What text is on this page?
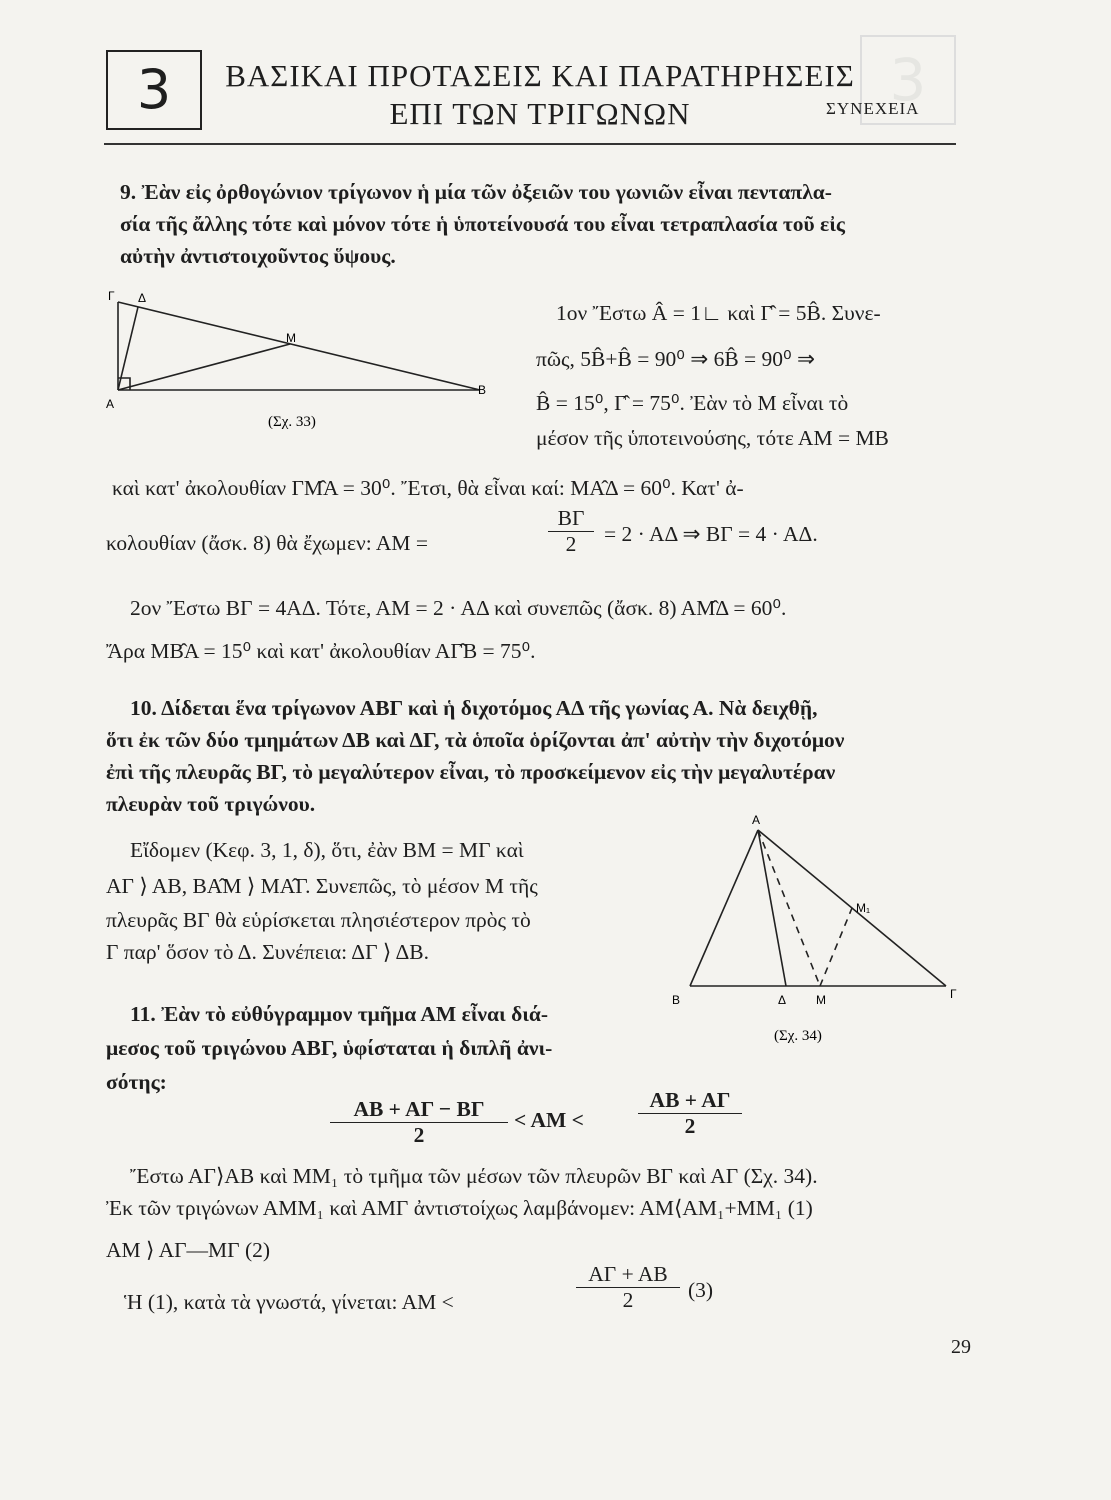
3
3	ΒΑΣΙΚΑΙ ΠΡΟΤΑΣΕΙΣ ΚΑΙ ΠΑΡΑΤΗΡΗΣΕΙΣ
ΕΠΙ ΤΩΝ ΤΡΙΓΩΝΩΝ	ΣΥΝΕΧΕΙΑ
9. Ἐὰν εἰς ὀρθογώνιον τρίγωνον ἡ μία τῶν ὀξειῶν του γωνιῶν εἶναι πενταπλα-
σία τῆς ἄλλης τότε καὶ μόνον τότε ἡ ὑποτείνουσά του εἶναι τετραπλασία τοῦ εἰς
αὐτὴν ἀντιστοιχοῦντος ὕψους.
Γ Δ
Μ
Α
Β
(Σχ. 33)
1ον Ἔστω Â = 1∟ καὶ Γ̂ = 5B̂. Συνε-
πῶς, 5B̂+B̂ = 90⁰ ⇒ 6B̂ = 90⁰ ⇒
B̂ = 15⁰, Γ̂ = 75⁰. Ἐὰν τὸ Μ εἶναι τὸ
μέσον τῆς ὑποτεινούσης, τότε ΑΜ = ΜΒ
καὶ κατ' ἀκολουθίαν ΓΜ̂Α = 30⁰. Ἔτσι, θὰ εἶναι καί: ΜΑ̂Δ = 60⁰. Κατ' ἀ-
κολουθίαν (ἄσκ. 8) θὰ ἔχωμεν: ΑΜ =
ΒΓ
2	= 2 · ΑΔ ⇒ ΒΓ = 4 · ΑΔ.
2ον Ἔστω ΒΓ = 4ΑΔ. Τότε, ΑΜ = 2 · ΑΔ καὶ συνεπῶς (ἄσκ. 8) ΑΜ̂Δ = 60⁰.
Ἄρα ΜΒ̂Α = 15⁰ καὶ κατ' ἀκολουθίαν ΑΓ̂Β = 75⁰.
10. Δίδεται ἕνα τρίγωνον ΑΒΓ καὶ ἡ διχοτόμος ΑΔ τῆς γωνίας Α. Νὰ δειχθῇ,
ὅτι ἐκ τῶν δύο τμημάτων ΔΒ καὶ ΔΓ, τὰ ὁποῖα ὁρίζονται ἀπ' αὐτὴν τὴν διχοτόμον
ἐπὶ τῆς πλευρᾶς ΒΓ, τὸ μεγαλύτερον εἶναι, τὸ προσκείμενον εἰς τὴν μεγαλυτέραν
πλευρὰν τοῦ τριγώνου.
Εἴδομεν (Κεφ. 3, 1, δ), ὅτι, ἐὰν ΒΜ = ΜΓ καὶ
ΑΓ ⟩ ΑΒ, ΒΑ̂Μ ⟩ ΜΑ̂Γ. Συνεπῶς, τὸ μέσον Μ τῆς
πλευρᾶς ΒΓ θὰ εὑρίσκεται πλησιέστερον πρὸς τὸ
Γ παρ' ὅσον τὸ Δ. Συνέπεια: ΔΓ ⟩ ΔΒ.
Α
Μ₁
Β	Δ Μ	Γ
(Σχ. 34)
11. Ἐὰν τὸ εὐθύγραμμον τμῆμα ΑΜ εἶναι διά-
μεσος τοῦ τριγώνου ΑΒΓ, ὑφίσταται ἡ διπλῆ ἀνι-
σότης:
ΑΒ + ΑΓ − ΒΓ
2
< ΑΜ <
ΑΒ + ΑΓ
2
Ἔστω ΑΓ⟩ΑΒ καὶ ΜΜ₁ τὸ τμῆμα τῶν μέσων τῶν πλευρῶν ΒΓ καὶ ΑΓ (Σχ. 34).
Ἐκ τῶν τριγώνων ΑΜΜ₁ καὶ ΑΜΓ ἀντιστοίχως λαμβάνομεν: ΑΜ⟨ΑΜ₁+ΜΜ₁ (1)
ΑΜ ⟩ ΑΓ—ΜΓ (2)
Ἡ (1), κατὰ τὰ γνωστά, γίνεται: ΑΜ <
ΑΓ + ΑΒ
2	(3)
29
